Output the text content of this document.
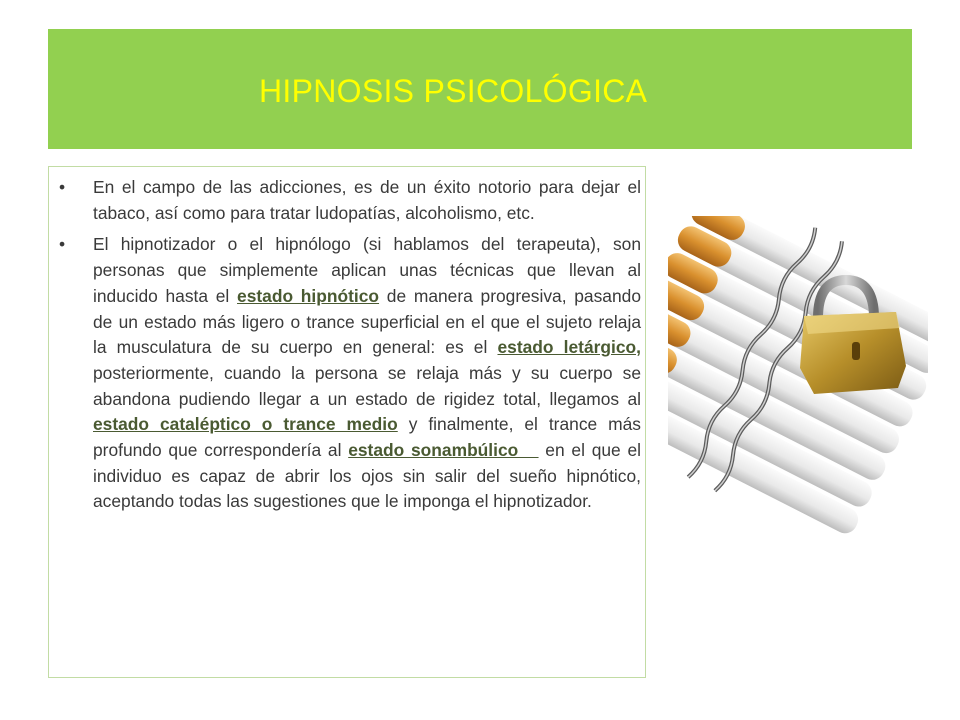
HIPNOSIS PSICOLÓGICA
• En el campo de las adicciones, es de un éxito notorio para dejar el tabaco, así como para tratar ludopatías, alcoholismo, etc.
• El hipnotizador o el hipnólogo (si hablamos del terapeuta), son personas que simplemente aplican unas técnicas que llevan al inducido hasta el estado hipnótico de manera progresiva, pasando de un estado más ligero o trance superficial en el que el sujeto relaja la musculatura de su cuerpo en general: es el estado letárgico, posteriormente, cuando la persona se relaja más y su cuerpo se abandona pudiendo llegar a un estado de rigidez total, llegamos al estado cataléptico o trance medio y finalmente, el trance más profundo que correspondería al estado sonambúlico    en el que el individuo es capaz de abrir los ojos sin salir del sueño hipnótico, aceptando todas las sugestiones que le imponga el hipnotizador.
